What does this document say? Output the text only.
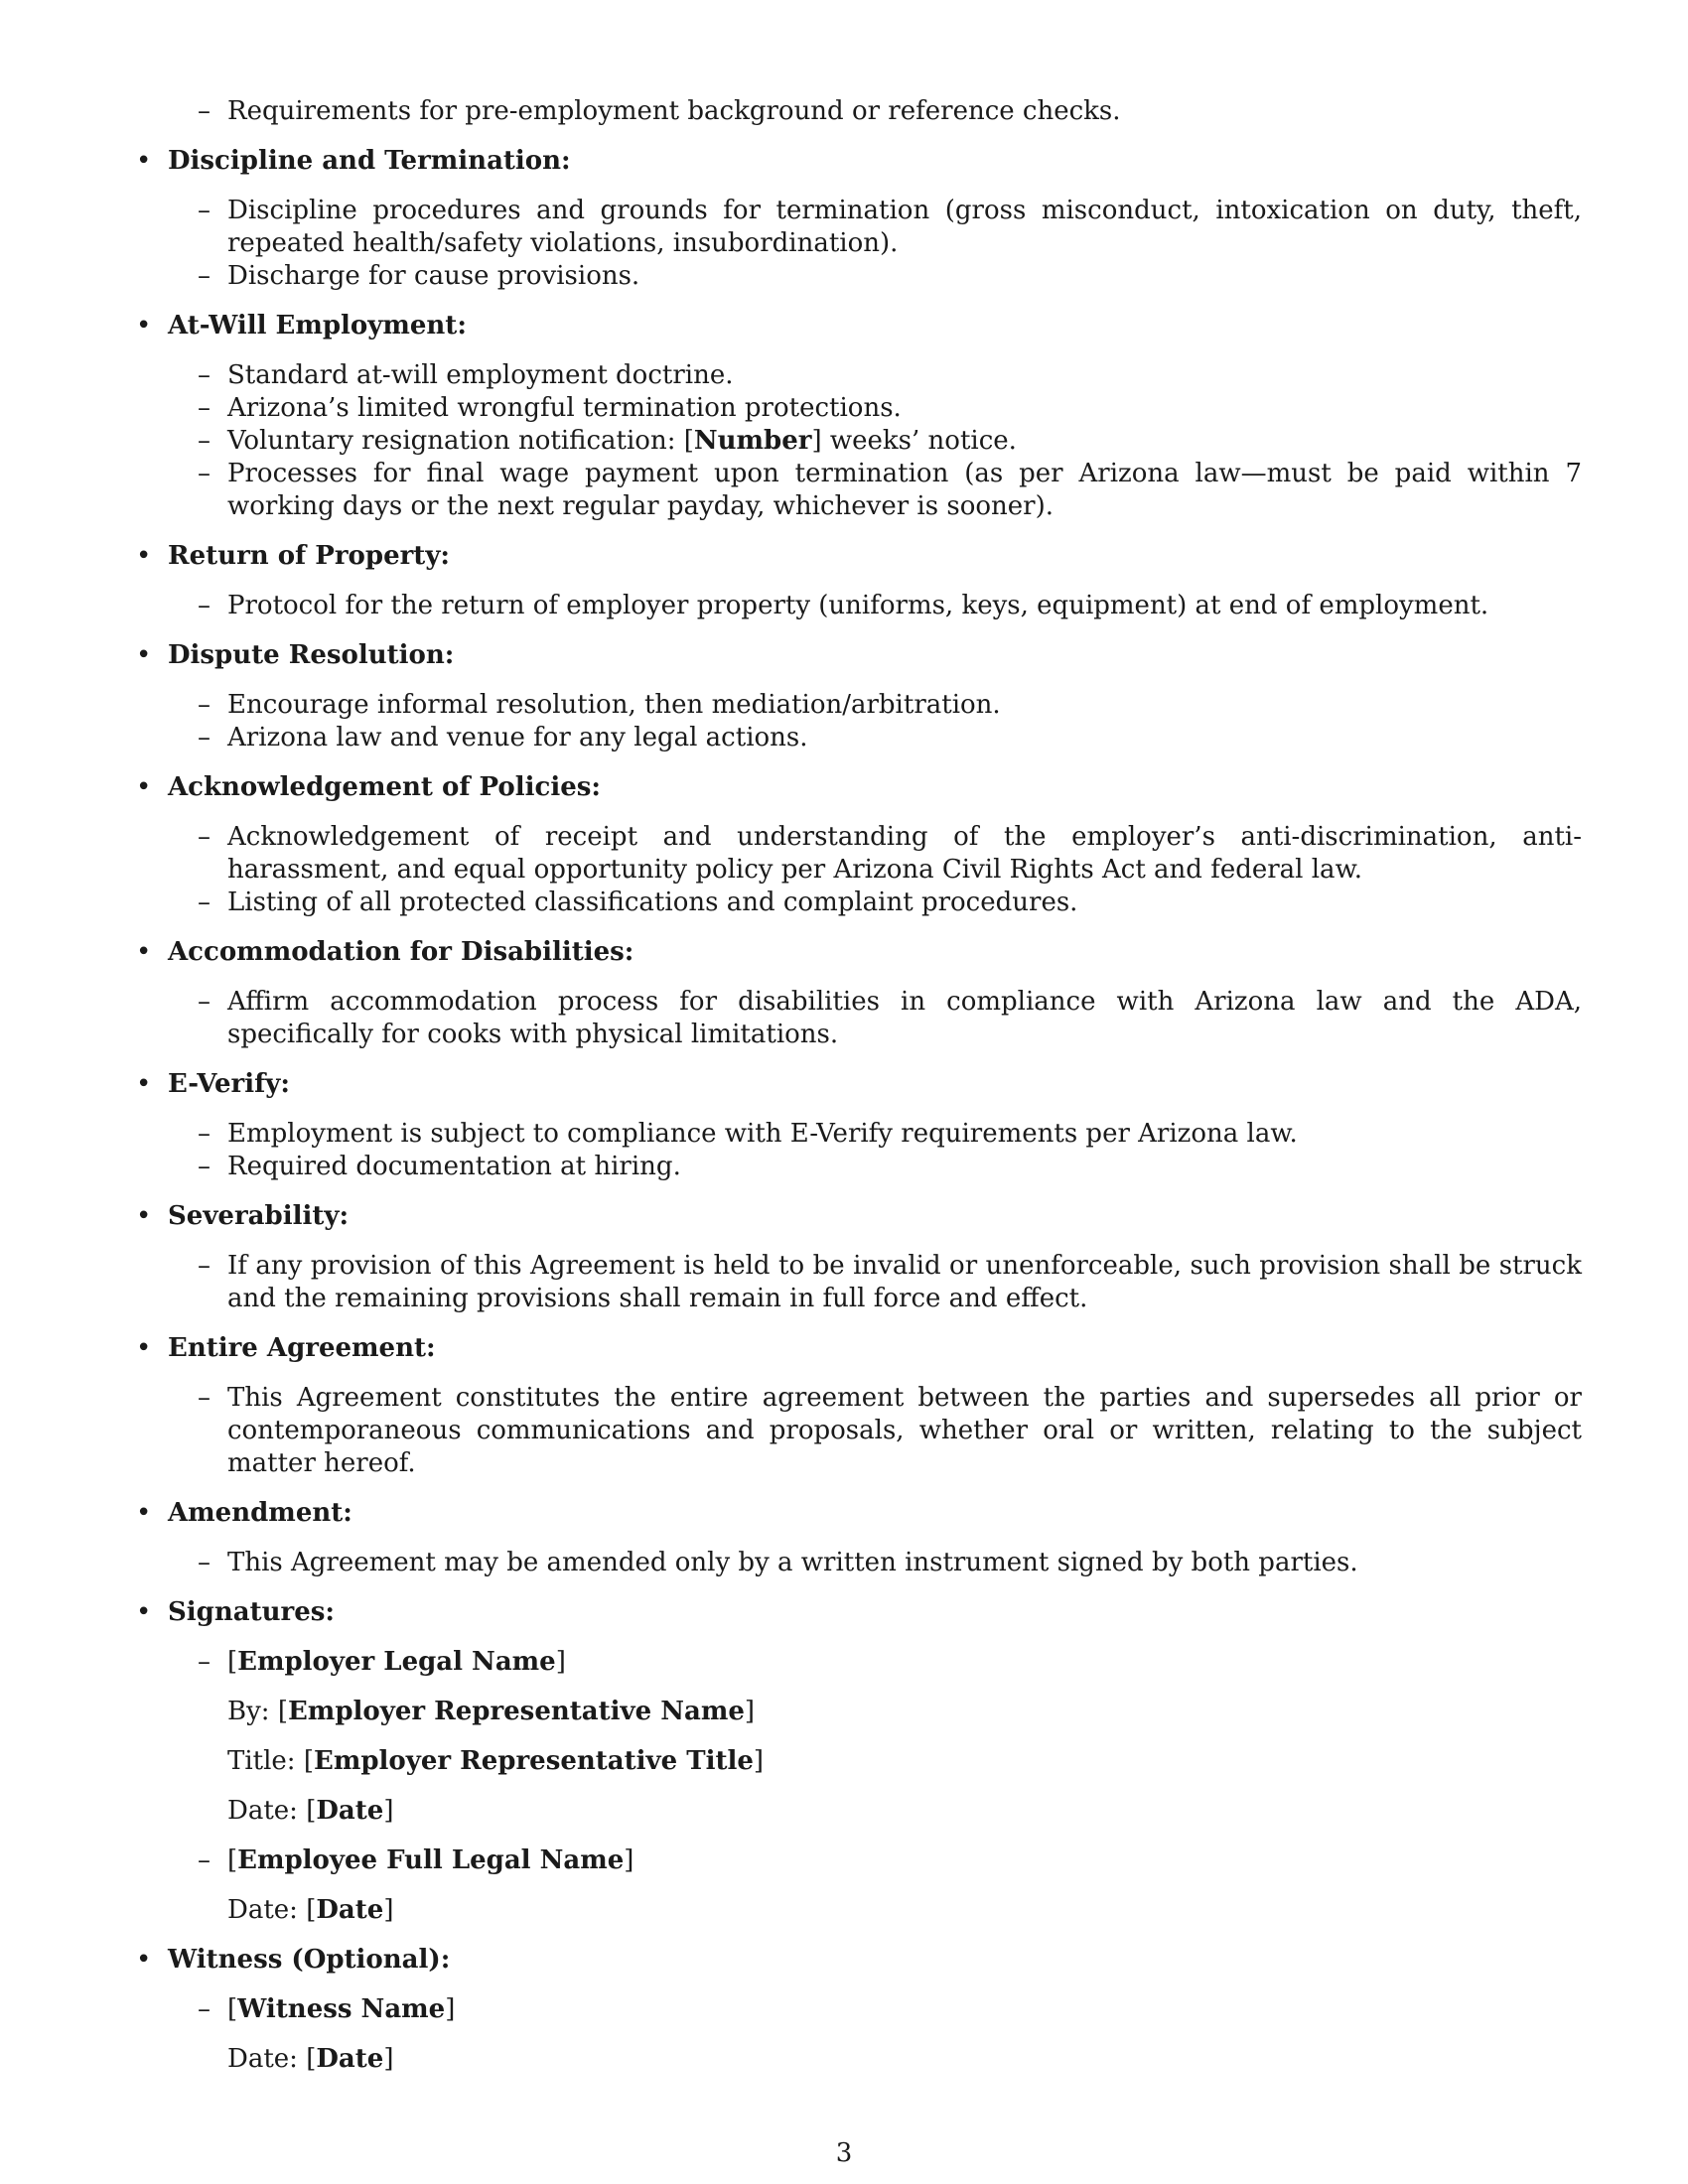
– Requirements for pre-employment background or reference checks.
• Discipline and Termination:
– Discipline procedures and grounds for termination (gross misconduct, intoxication on duty, theft, repeated health/safety violations, insubordination).
– Discharge for cause provisions.
• At-Will Employment:
– Standard at-will employment doctrine.
– Arizona’s limited wrongful termination protections.
– Voluntary resignation notification: [Number] weeks’ notice.
– Processes for final wage payment upon termination (as per Arizona law—must be paid within 7 working days or the next regular payday, whichever is sooner).
• Return of Property:
– Protocol for the return of employer property (uniforms, keys, equipment) at end of employment.
• Dispute Resolution:
– Encourage informal resolution, then mediation/arbitration.
– Arizona law and venue for any legal actions.
• Acknowledgement of Policies:
– Acknowledgement of receipt and understanding of the employer’s anti-discrimination, anti-harassment, and equal opportunity policy per Arizona Civil Rights Act and federal law.
– Listing of all protected classifications and complaint procedures.
• Accommodation for Disabilities:
– Affirm accommodation process for disabilities in compliance with Arizona law and the ADA, specifically for cooks with physical limitations.
• E-Verify:
– Employment is subject to compliance with E-Verify requirements per Arizona law.
– Required documentation at hiring.
• Severability:
– If any provision of this Agreement is held to be invalid or unenforceable, such provision shall be struck and the remaining provisions shall remain in full force and effect.
• Entire Agreement:
– This Agreement constitutes the entire agreement between the parties and supersedes all prior or contemporaneous communications and proposals, whether oral or written, relating to the subject matter hereof.
• Amendment:
– This Agreement may be amended only by a written instrument signed by both parties.
• Signatures:
– [Employer Legal Name]
By: [Employer Representative Name]
Title: [Employer Representative Title]
Date: [Date]
– [Employee Full Legal Name]
Date: [Date]
• Witness (Optional):
– [Witness Name]
Date: [Date]
3
